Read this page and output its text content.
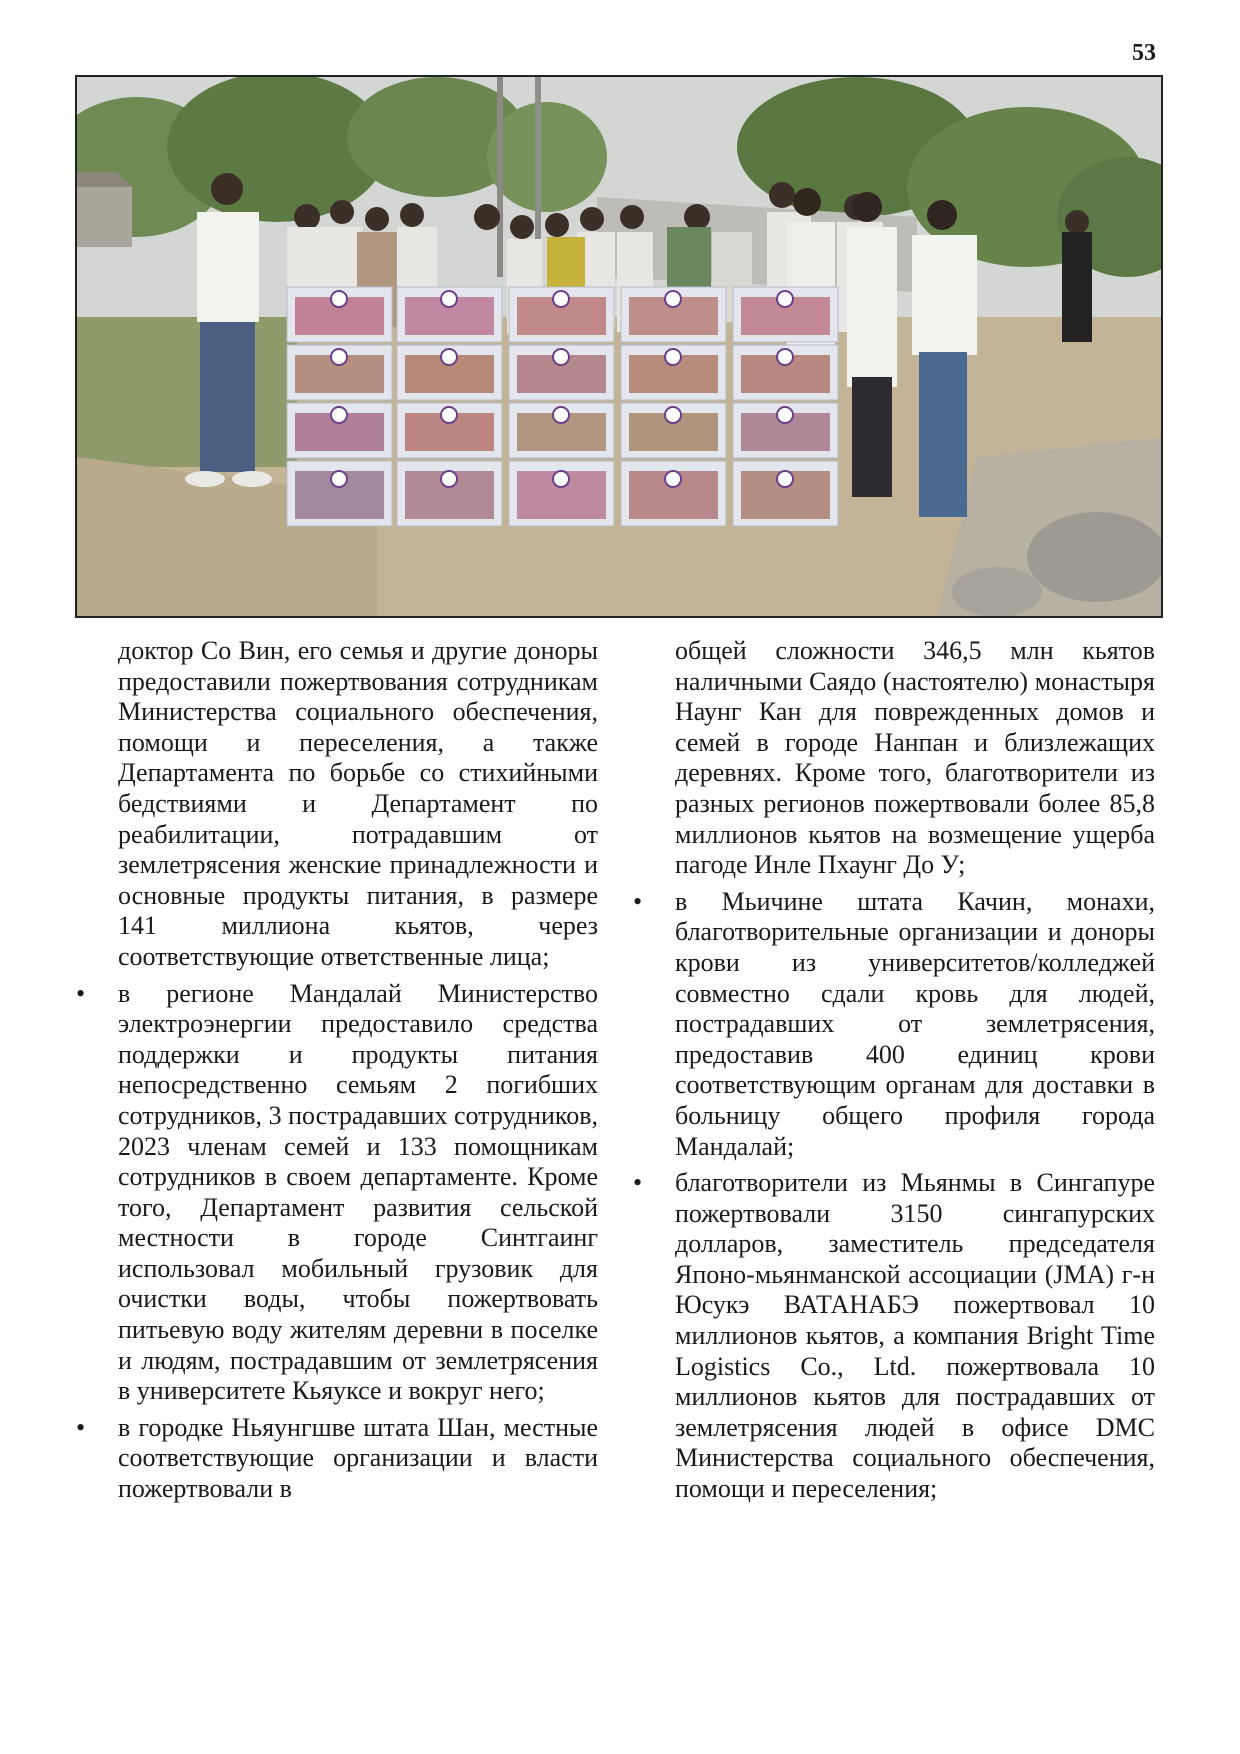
53

доктор Со Вин, его семья и другие доноры предоставили пожертвования сотрудникам Министерства социального обеспечения, помощи и переселения, а также Департамента по борьбе со стихийными бедствиями и Департамент по реабилитации, потрадавшим от землетрясения женские принадлежности и основные продукты питания, в размере 141 миллиона кьятов, через соответствующие ответственные лица;

• в регионе Мандалай Министерство электроэнергии предоставило средства поддержки и продукты питания непосредственно семьям 2 погибших сотрудников, 3 пострадавших сотрудников, 2023 членам семей и 133 помощникам сотрудников в своем департаменте. Кроме того, Департамент развития сельской местности в городе Синтгаинг использовал мобильный грузовик для очистки воды, чтобы пожертвовать питьевую воду жителям деревни в поселке и людям, пострадавшим от землетрясения в университете Кьяуксе и вокруг него;
• в городке Ньяунгшве штата Шан, местные соответствующие организации и власти пожертвовали в

общей сложности 346,5 млн кьятов наличными Саядо (настоятелю) монастыря Наунг Кан для поврежденных домов и семей в городе Нанпан и близлежащих деревнях. Кроме того, благотворители из разных регионов пожертвовали более 85,8 миллионов кьятов на возмещение ущерба пагоде Инле Пхаунг До У;

• в Мьичине штата Качин, монахи, благотворительные организации и доноры крови из университетов/колледжей совместно сдали кровь для людей, пострадавших от землетрясения, предоставив 400 единиц крови соответствующим органам для доставки в больницу общего профиля города Мандалай;
• благотворители из Мьянмы в Сингапуре пожертвовали 3150 сингапурских долларов, заместитель председателя Японо-мьянманской ассоциации (JMA) г-н Юсукэ ВАТАНАБЭ пожертвовал 10 миллионов кьятов, а компания Bright Time Logistics Co., Ltd. пожертвовала 10 миллионов кьятов для пострадавших от землетрясения людей в офисе DMC Министерства социального обеспечения, помощи и переселения;
